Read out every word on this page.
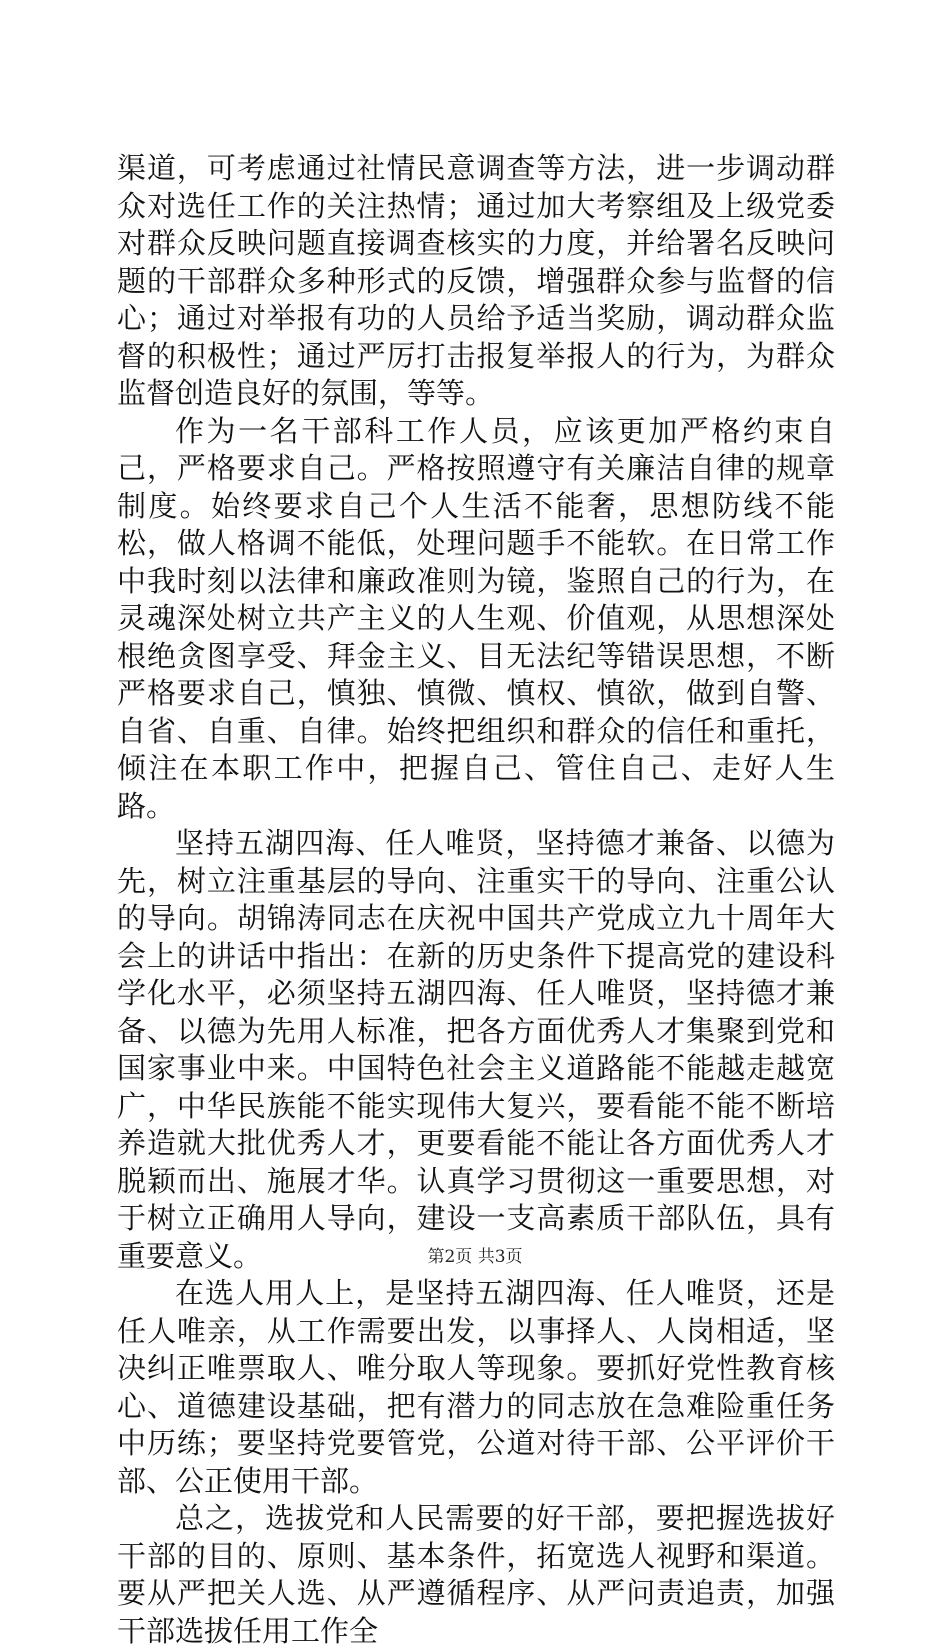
渠道，可考虑通过社情民意调查等方法，进一步调动群众对选任工作的关注热情；通过加大考察组及上级党委对群众反映问题直接调查核实的力度，并给署名反映问题的干部群众多种形式的反馈，增强群众参与监督的信心；通过对举报有功的人员给予适当奖励，调动群众监督的积极性；通过严厉打击报复举报人的行为，为群众监督创造良好的氛围，等等。

作为一名干部科工作人员，应该更加严格约束自己，严格要求自己。严格按照遵守有关廉洁自律的规章制度。始终要求自己个人生活不能奢，思想防线不能松，做人格调不能低，处理问题手不能软。在日常工作中我时刻以法律和廉政准则为镜，鉴照自己的行为，在灵魂深处树立共产主义的人生观、价值观，从思想深处根绝贪图享受、拜金主义、目无法纪等错误思想，不断严格要求自己，慎独、慎微、慎权、慎欲，做到自警、自省、自重、自律。始终把组织和群众的信任和重托，倾注在本职工作中，把握自己、管住自己、走好人生路。

坚持五湖四海、任人唯贤，坚持德才兼备、以德为先，树立注重基层的导向、注重实干的导向、注重公认的导向。胡锦涛同志在庆祝中国共产党成立九十周年大会上的讲话中指出：在新的历史条件下提高党的建设科学化水平，必须坚持五湖四海、任人唯贤，坚持德才兼备、以德为先用人标准，把各方面优秀人才集聚到党和国家事业中来。中国特色社会主义道路能不能越走越宽广，中华民族能不能实现伟大复兴，要看能不能不断培养造就大批优秀人才，更要看能不能让各方面优秀人才脱颖而出、施展才华。认真学习贯彻这一重要思想，对于树立正确用人导向，建设一支高素质干部队伍，具有重要意义。

在选人用人上，是坚持五湖四海、任人唯贤，还是任人唯亲，从工作需要出发，以事择人、人岗相适，坚决纠正唯票取人、唯分取人等现象。要抓好党性教育核心、道德建设基础，把有潜力的同志放在急难险重任务中历练；要坚持党要管党，公道对待干部、公平评价干部、公正使用干部。

总之，选拔党和人民需要的好干部，要把握选拔好干部的目的、原则、基本条件，拓宽选人视野和渠道。要从严把关人选、从严遵循程序、从严问责追责，加强干部选拔任用工作全

第2页 共3页
